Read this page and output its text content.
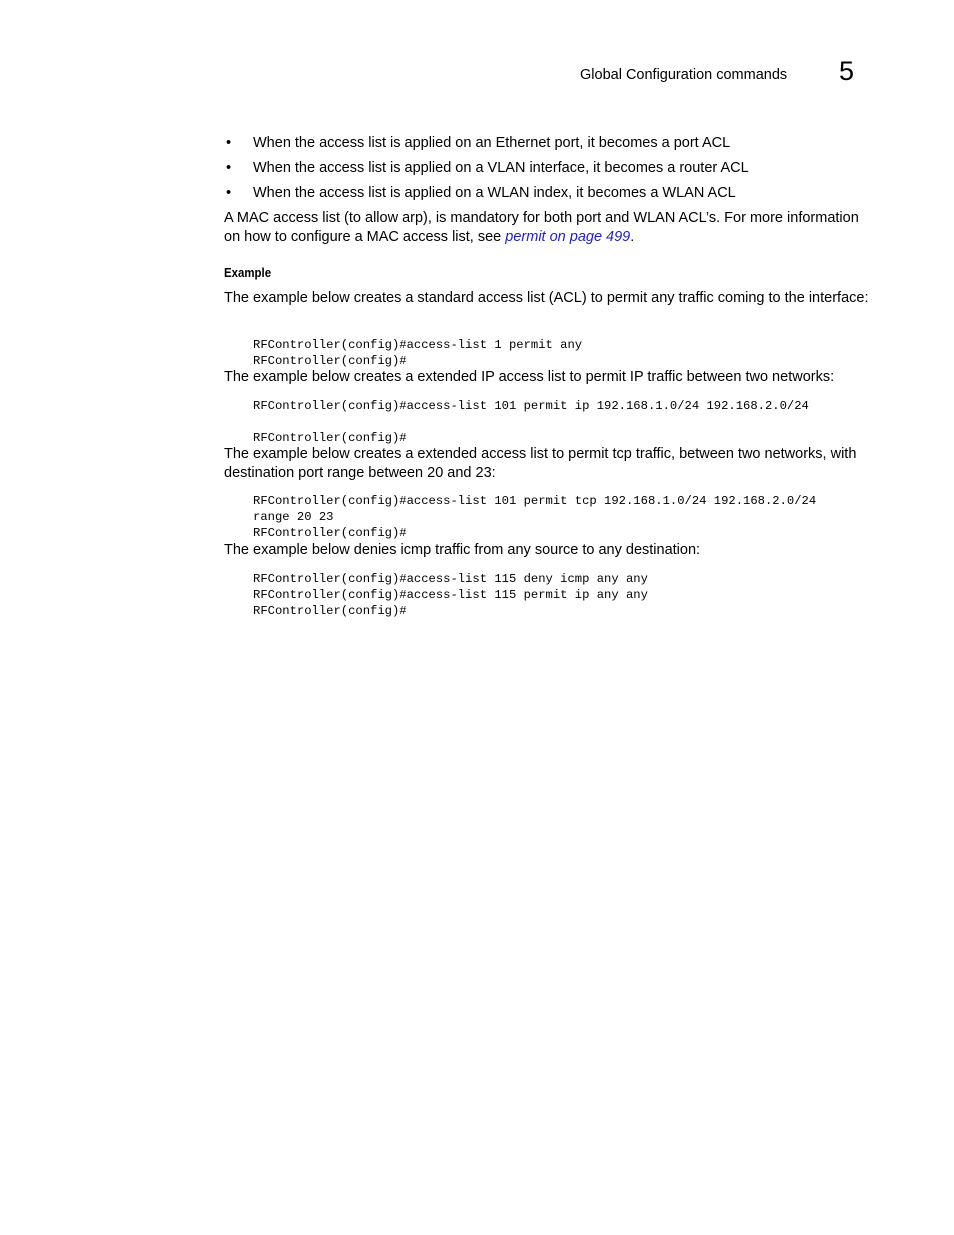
Global Configuration commands 5
• When the access list is applied on an Ethernet port, it becomes a port ACL
• When the access list is applied on a VLAN interface, it becomes a router ACL
• When the access list is applied on a WLAN index, it becomes a WLAN ACL

A MAC access list (to allow arp), is mandatory for both port and WLAN ACL’s. For more information on how to configure a MAC access list, see permit on page 499.

Example

The example below creates a standard access list (ACL) to permit any traffic coming to the interface:

RFController(config)#access-list 1 permit any
RFController(config)#

The example below creates a extended IP access list to permit IP traffic between two networks:

RFController(config)#access-list 101 permit ip 192.168.1.0/24 192.168.2.0/24
RFController(config)#

The example below creates a extended access list to permit tcp traffic, between two networks, with destination port range between 20 and 23:

RFController(config)#access-list 101 permit tcp 192.168.1.0/24 192.168.2.0/24
range 20 23
RFController(config)#

The example below denies icmp traffic from any source to any destination:

RFController(config)#access-list 115 deny icmp any any
RFController(config)#access-list 115 permit ip any any
RFController(config)#
